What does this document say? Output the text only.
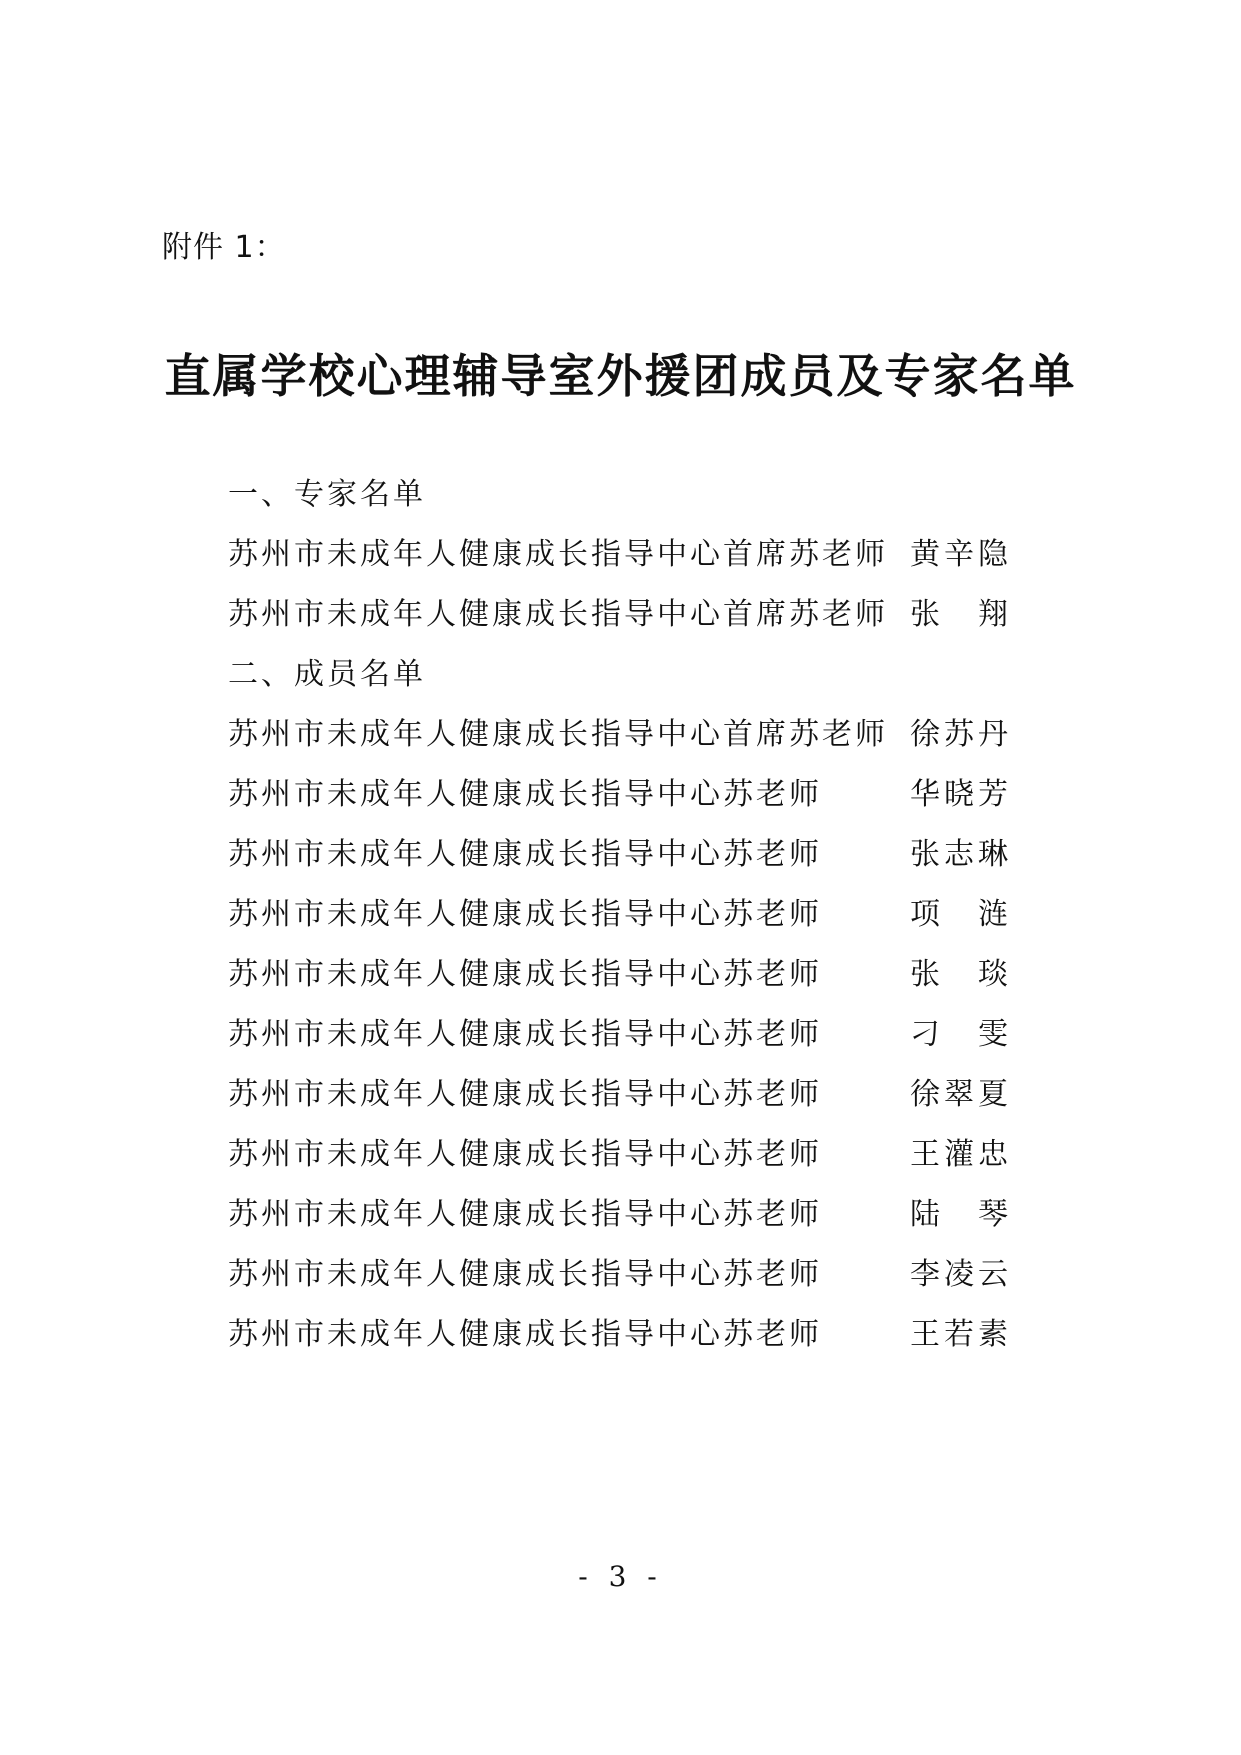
附件 1：
直属学校心理辅导室外援团成员及专家名单
一、专家名单
苏州市未成年人健康成长指导中心首席苏老师 黄辛隐
苏州市未成年人健康成长指导中心首席苏老师 张 翔
二、成员名单
苏州市未成年人健康成长指导中心首席苏老师 徐苏丹
苏州市未成年人健康成长指导中心苏老师	华晓芳
苏州市未成年人健康成长指导中心苏老师	张志琳
苏州市未成年人健康成长指导中心苏老师	项 涟
苏州市未成年人健康成长指导中心苏老师	张 琰
苏州市未成年人健康成长指导中心苏老师	刁 雯
苏州市未成年人健康成长指导中心苏老师	徐翠夏
苏州市未成年人健康成长指导中心苏老师	王灌忠
苏州市未成年人健康成长指导中心苏老师	陆 琴
苏州市未成年人健康成长指导中心苏老师	李凌云
苏州市未成年人健康成长指导中心苏老师	王若素
- 3 -
